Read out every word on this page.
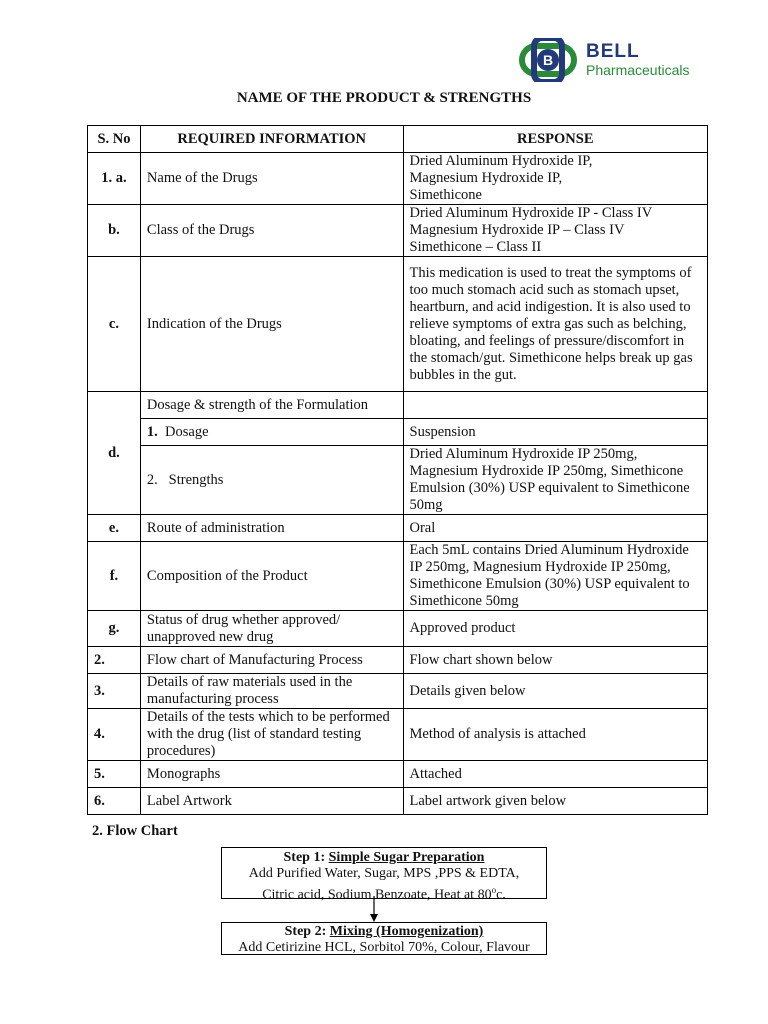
B BELL
Pharmaceuticals
NAME OF THE PRODUCT & STRENGTHS
S. No	REQUIRED INFORMATION	RESPONSE
1. a.	Name of the Drugs	Dried Aluminum Hydroxide IP,
Magnesium Hydroxide IP,
Simethicone

b.	Class of the Drugs	Dried Aluminum Hydroxide IP - Class IV
Magnesium Hydroxide IP – Class IV
Simethicone – Class II

c.	Indication of the Drugs	This medication is used to treat the symptoms of too much stomach acid such as stomach upset, heartburn, and acid indigestion. It is also used to relieve symptoms of extra gas such as belching, bloating, and feelings of pressure/discomfort in the stomach/gut. Simethicone helps break up gas bubbles in the gut.
d.	Dosage & strength of the Formulation	
	1. Dosage	Suspension
	2. Strengths	Dried Aluminum Hydroxide IP 250mg, Magnesium Hydroxide IP 250mg, Simethicone Emulsion (30%) USP equivalent to Simethicone 50mg
e.	Route of administration	Oral
f.	Composition of the Product	Each 5mL contains Dried Aluminum Hydroxide IP 250mg, Magnesium Hydroxide IP 250mg, Simethicone Emulsion (30%) USP equivalent to Simethicone 50mg
g.	Status of drug whether approved/ unapproved new drug	Approved product
2.	Flow chart of Manufacturing Process	Flow chart shown below
3.	Details of raw materials used in the manufacturing process	Details given below
4.	Details of the tests which to be performed with the drug (list of standard testing procedures)	Method of analysis is attached
5.	Monographs	Attached
6.	Label Artwork	Label artwork given below
2. Flow Chart
Step 1: Simple Sugar Preparation
Add Purified Water, Sugar, MPS ,PPS & EDTA,
Citric acid, Sodium Benzoate, Heat at 80$^o$c.
Step 2: Mixing (Homogenization)
Add Cetirizine HCL, Sorbitol 70%, Colour, Flavour
